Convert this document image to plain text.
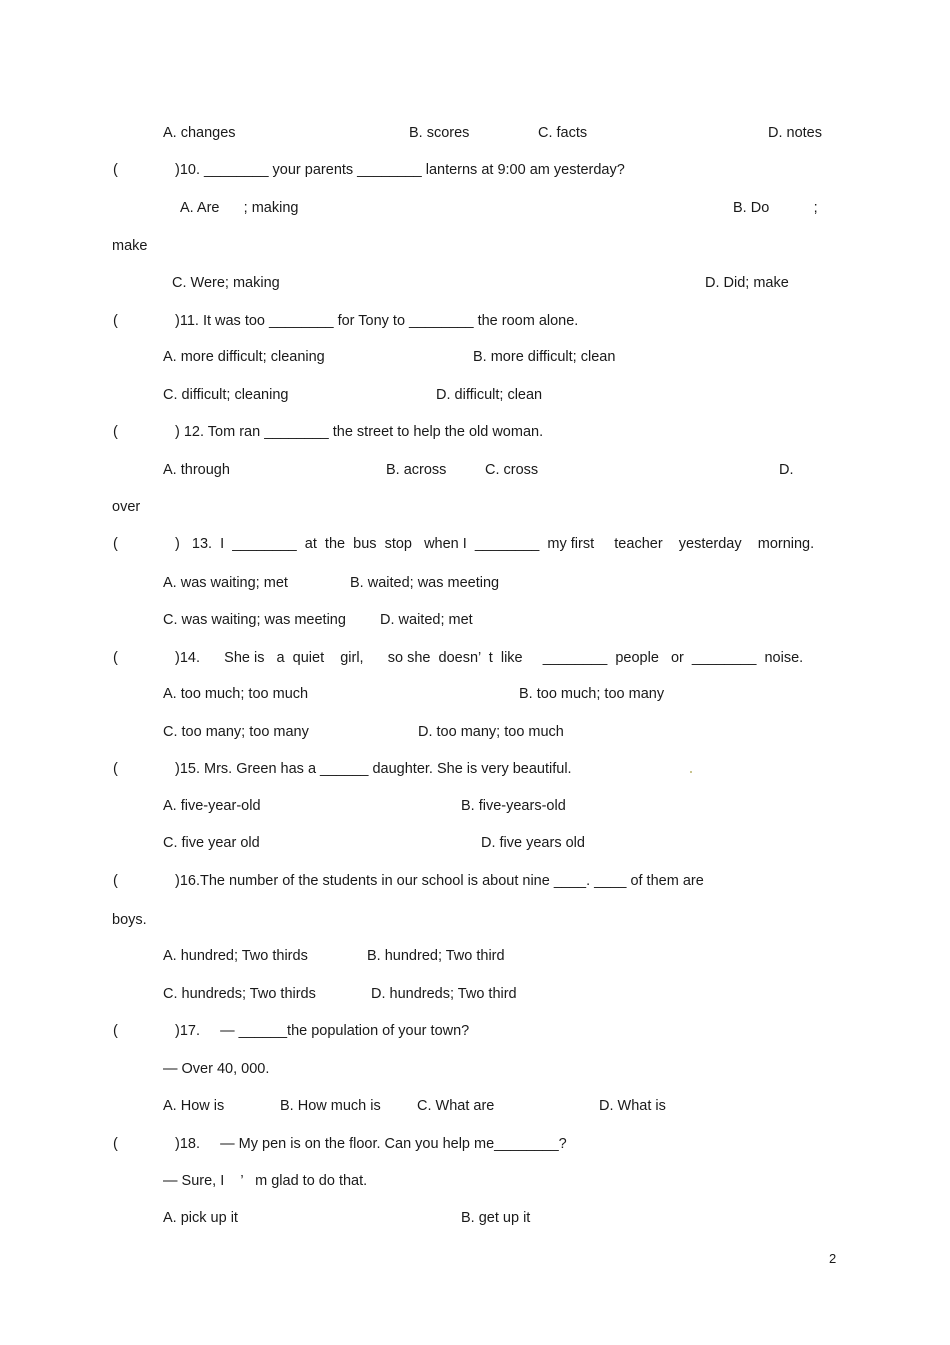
A. changes	B. scores	C. facts	D. notes
(	)10. ________ your parents ________ lanterns at 9:00 am yesterday?
A. Are      ; making	B. Do           ;
make
C. Were; making	D. Did; make
(	)11. It was too ________ for Tony to ________ the room alone.
A. more difficult; cleaning	B. more difficult; clean
C. difficult; cleaning	D. difficult; clean
(	) 12. Tom ran ________ the street to help the old woman.
A. through	B. across	C. cross	D.
over
(	)   13.  I  ________  at  the  bus  stop   when I  ________  my first     teacher    yesterday    morning.
A. was waiting; met	B. waited; was meeting
C. was waiting; was meeting D. waited; met
(	)14.      She is   a  quiet    girl,      so she  doesn’  t  like     ________  people   or  ________  noise.
A. too much; too much	B. too much; too many
C. too many; too many	D. too many; too much
(	)15. Mrs. Green has a ______ daughter. She is very beautiful.
A. five-year-old	B. five-years-old
C. five year old	D. five years old
(	)16.The number of the students in our school is about nine ____. ____ of them are
boys.
A. hundred; Two thirds	B. hundred; Two third
C. hundreds; Two thirds	D. hundreds; Two third
(	)17.     — ______the population of your town?
— Over 40, 000.
A. How is	B. How much is	C. What are	D. What is
(	)18.     — My pen is on the floor. Can you help me________?
— Sure, I    ’   m glad to do that.
A. pick up it	B. get up it
2
